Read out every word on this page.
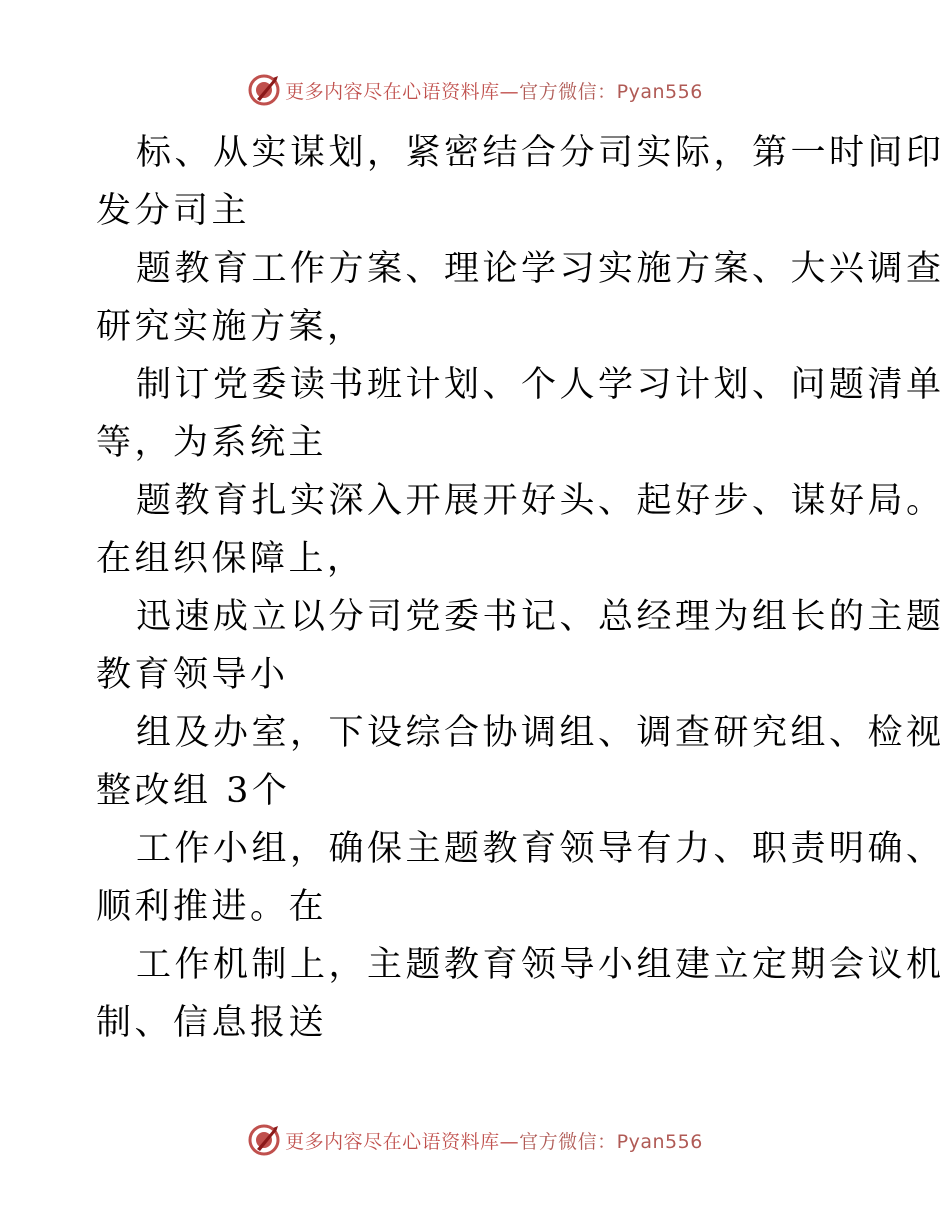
更多内容尽在心语资料库—官方微信：Pyan556

标、从实谋划，紧密结合分司实际，第一时间印
发分司主

题教育工作方案、理论学习实施方案、大兴调查
研究实施方案，

制订党委读书班计划、个人学习计划、问题清单
等，为系统主

题教育扎实深入开展开好头、起好步、谋好局。
在组织保障上，

迅速成立以分司党委书记、总经理为组长的主题
教育领导小

组及办室，下设综合协调组、调查研究组、检视
整改组 3个

工作小组，确保主题教育领导有力、职责明确、
顺利推进。在

工作机制上，主题教育领导小组建立定期会议机
制、信息报送

更多内容尽在心语资料库—官方微信：Pyan556
